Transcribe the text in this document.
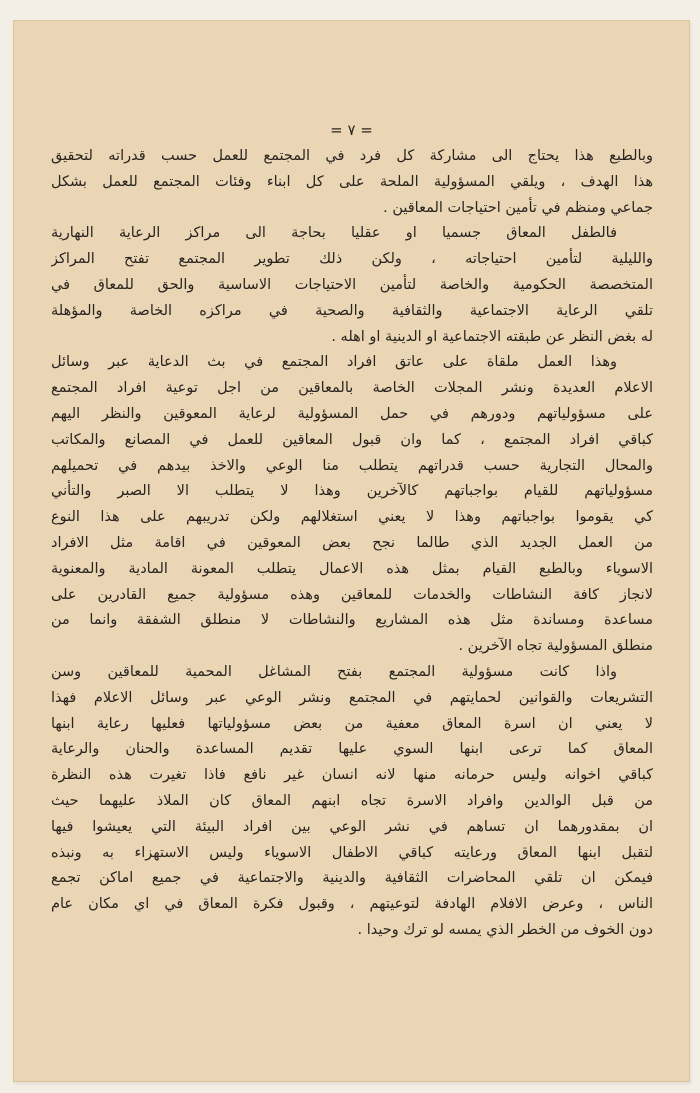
= ٧ =
وبالطبع هذا يحتاج الى مشاركة كل فرد في المجتمع للعمل حسب قدراته لتحقيق
هذا الهدف ، ويلقي المسؤولية الملحة على كل ابناء وفئات المجتمع للعمل بشكل
جماعي ومنظم في تأمين احتياجات المعاقين .
فالطفل المعاق جسميا او عقليا بحاجة الى مراكز الرعاية النهارية
والليلية لتأمين احتياجاته ، ولكن ذلك تطوير المجتمع تفتح المراكز
المتخصصة الحكومية والخاصة لتأمين الاحتياجات الاساسية والحق للمعاق في
تلقي الرعاية الاجتماعية والثقافية والصحية في مراكزه الخاصة والمؤهلة
له بغض النظر عن طبقته الاجتماعية او الدينية او اهله .
وهذا العمل ملقاة على عاتق افراد المجتمع في بث الدعاية عبر وسائل
الاعلام العديدة ونشر المجلات الخاصة بالمعاقين من اجل توعية افراد المجتمع
على مسؤولياتهم ودورهم في حمل المسؤولية لرعاية المعوقين والنظر اليهم
كباقي افراد المجتمع ، كما وان قبول المعاقين للعمل في المصانع والمكاتب
والمحال التجارية حسب قدراتهم يتطلب منا الوعي والاخذ بيدهم في تحميلهم
مسؤولياتهم للقيام بواجباتهم كالآخرين وهذا لا يتطلب الا الصبر والتأني
كي يقوموا بواجباتهم وهذا لا يعني استغلالهم ولكن تدريبهم على هذا النوع
من العمل الجديد الذي طالما نجح بعض المعوقين في اقامة مثل الافراد
الاسوياء وبالطبع القيام بمثل هذه الاعمال يتطلب المعونة المادية والمعنوية
لانجاز كافة النشاطات والخدمات للمعاقين وهذه مسؤولية جميع القادرين على
مساعدة ومساندة مثل هذه المشاريع والنشاطات لا منطلق الشفقة وانما من
منطلق المسؤولية تجاه الآخرين .
واذا كانت مسؤولية المجتمع بفتح المشاغل المحمية للمعاقين وسن
التشريعات والقوانين لحمايتهم في المجتمع ونشر الوعي عبر وسائل الاعلام فهذا
لا يعني ان اسرة المعاق معفية من بعض مسؤولياتها فعليها رعاية ابنها
المعاق كما ترعى ابنها السوي عليها تقديم المساعدة والحنان والرعاية
كباقي اخوانه وليس حرمانه منها لانه انسان غير نافع فاذا تغيرت هذه النظرة
من قبل الوالدين وافراد الاسرة تجاه ابنهم المعاق كان الملاذ عليهما حيث
ان بمقدورهما ان تساهم في نشر الوعي بين افراد البيئة التي يعيشوا فيها
لتقبل ابنها المعاق ورعايته كباقي الاطفال الاسوياء وليس الاستهزاء به ونبذه
فيمكن ان تلقي المحاضرات الثقافية والدينية والاجتماعية في جميع اماكن تجمع
الناس ، وعرض الافلام الهادفة لتوعيتهم ، وقبول فكرة المعاق في اي مكان عام
دون الخوف من الخطر الذي يمسه لو ترك وحيدا .
